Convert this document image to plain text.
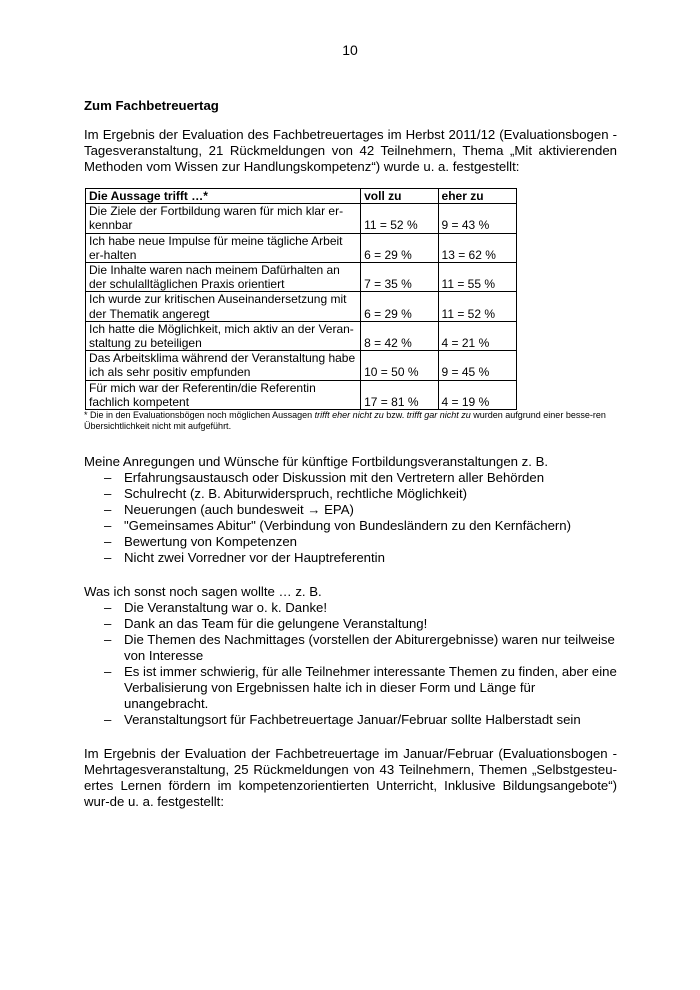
10

Zum Fachbetreuertag

Im Ergebnis der Evaluation des Fachbetreuertages im Herbst 2011/12 (Evaluationsbogen - Tagesveranstaltung, 21 Rückmeldungen von 42 Teilnehmern, Thema „Mit aktivierenden Methoden vom Wissen zur Handlungskompetenz“) wurde u. a. festgestellt:

Die Aussage trifft …*	voll zu	eher zu
Die Ziele der Fortbildung waren für mich klar er-kennbar	11 = 52 %	9 = 43 %
Ich habe neue Impulse für meine tägliche Arbeit er-halten	6 = 29 %	13 = 62 %
Die Inhalte waren nach meinem Dafürhalten an der schulalltäglichen Praxis orientiert	7 = 35 %	11 = 55 %
Ich wurde zur kritischen Auseinandersetzung mit der Thematik angeregt	6 = 29 %	11 = 52 %
Ich hatte die Möglichkeit, mich aktiv an der Veran-staltung zu beteiligen	8 = 42 %	4 = 21 %
Das Arbeitsklima während der Veranstaltung habe ich als sehr positiv empfunden	10 = 50 %	9 = 45 %
Für mich war der Referentin/die Referentin fachlich kompetent	17 = 81 %	4 = 19 %

* Die in den Evaluationsbögen noch möglichen Aussagen trifft eher nicht zu bzw. trifft gar nicht zu wurden aufgrund einer besse-ren Übersichtlichkeit nicht mit aufgeführt.

Meine Anregungen und Wünsche für künftige Fortbildungsveranstaltungen z. B.

– Erfahrungsaustausch oder Diskussion mit den Vertretern aller Behörden
– Schulrecht (z. B. Abiturwiderspruch, rechtliche Möglichkeit)
– Neuerungen (auch bundesweit → EPA)
– "Gemeinsames Abitur" (Verbindung von Bundesländern zu den Kernfächern)
– Bewertung von Kompetenzen
– Nicht zwei Vorredner vor der Hauptreferentin

Was ich sonst noch sagen wollte … z. B.

– Die Veranstaltung war o. k. Danke!
– Dank an das Team für die gelungene Veranstaltung!
– Die Themen des Nachmittages (vorstellen der Abiturergebnisse) waren nur teilweise von Interesse
– Es ist immer schwierig, für alle Teilnehmer interessante Themen zu finden, aber eine Verbalisierung von Ergebnissen halte ich in dieser Form und Länge für unangebracht.
– Veranstaltungsort für Fachbetreuertage Januar/Februar sollte Halberstadt sein

Im Ergebnis der Evaluation der Fachbetreuertage im Januar/Februar (Evaluationsbogen - Mehrtagesveranstaltung, 25 Rückmeldungen von 43 Teilnehmern, Themen „Selbstgesteu-ertes Lernen fördern im kompetenzorientierten Unterricht, Inklusive Bildungsangebote“) wur-de u. a. festgestellt:
